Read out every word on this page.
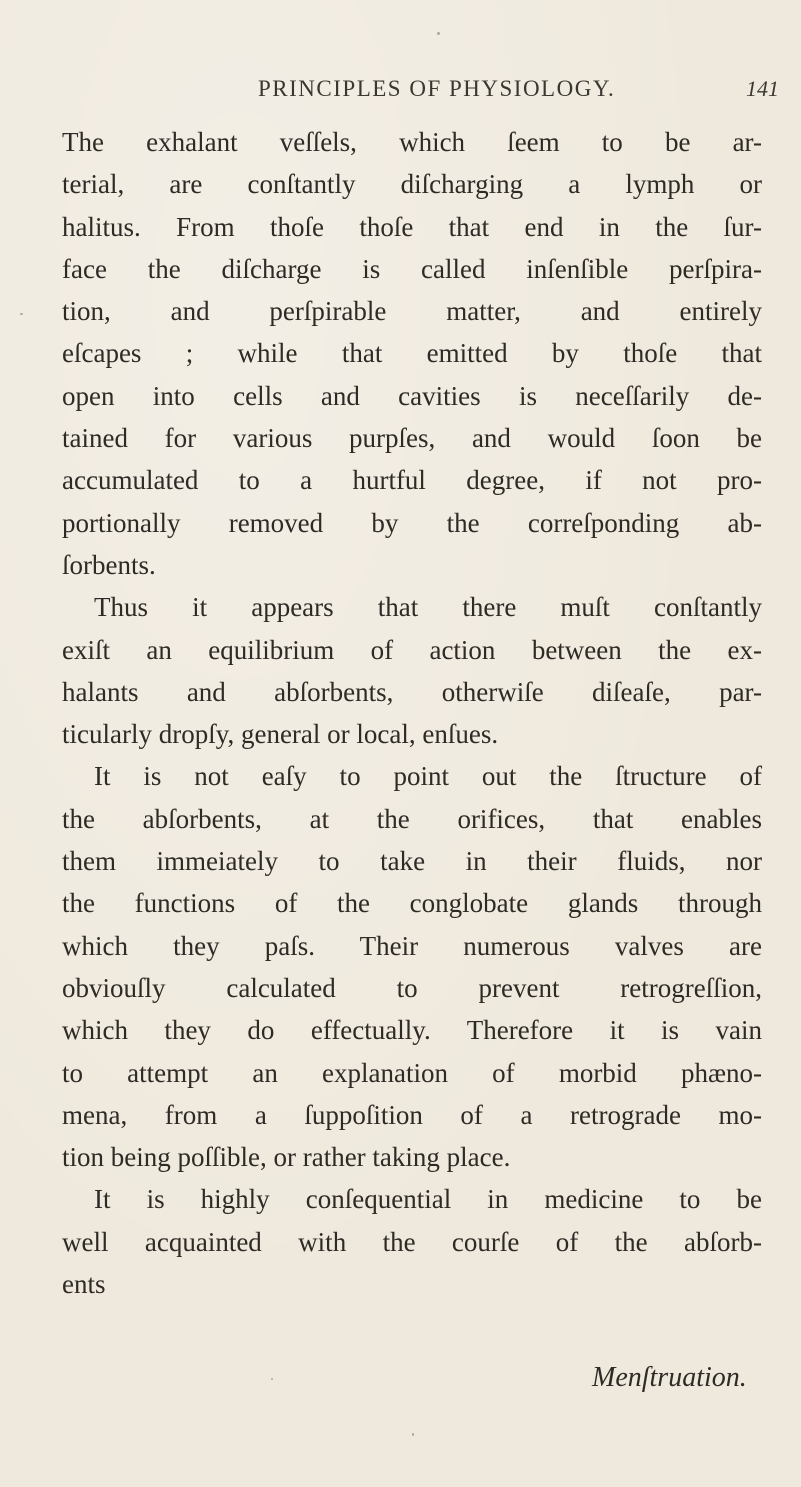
PRINCIPLES OF PHYSIOLOGY.	141
The exhalant veſſels, which ſeem to be ar-
terial, are conſtantly diſcharging a lymph or
halitus. From thoſe thoſe that end in the ſur-
face the diſcharge is called inſenſible perſpira-
tion, and perſpirable matter, and entirely
eſcapes ; while that emitted by thoſe that
open into cells and cavities is neceſſarily de-
tained for various purpſes, and would ſoon be
accumulated to a hurtful degree, if not pro-
portionally removed by the correſponding ab-
ſorbents.
Thus it appears that there muſt conſtantly
exiſt an equilibrium of action between the ex-
halants and abſorbents, otherwiſe diſeaſe, par-
ticularly dropſy, general or local, enſues.
It is not eaſy to point out the ſtructure of
the abſorbents, at the orifices, that enables
them immeiately to take in their fluids, nor
the functions of the conglobate glands through
which they paſs. Their numerous valves are
obviouſly calculated to prevent retrogreſſion,
which they do effectually. Therefore it is vain
to attempt an explanation of morbid phæno-
mena, from a ſuppoſition of a retrograde mo-
tion being poſſible, or rather taking place.
It is highly conſequential in medicine to be
well acquainted with the courſe of the abſorb-
ents
Menſtruation.
